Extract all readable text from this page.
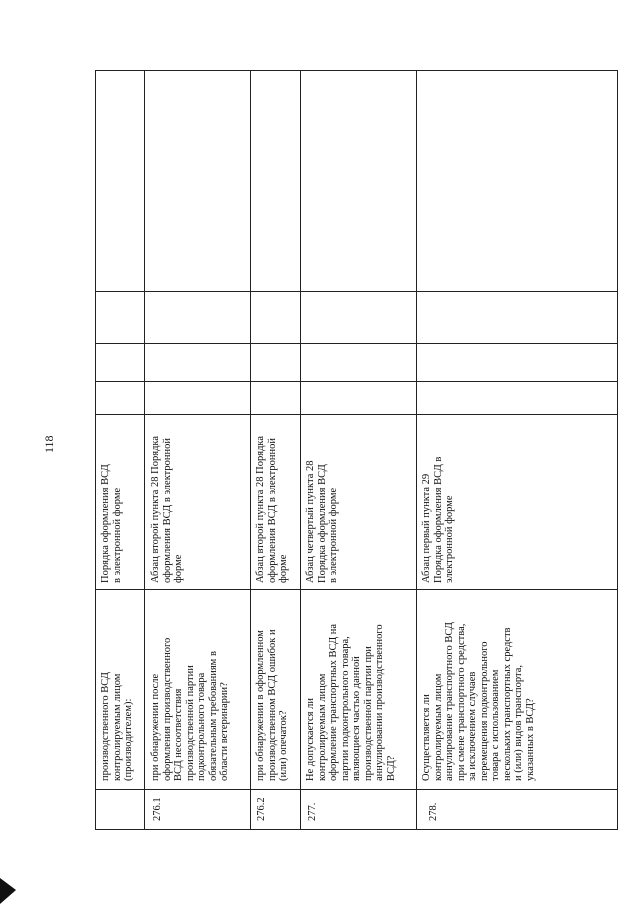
118
производственного ВСД контролируемым лицом (производителем):
Порядка оформления ВСД в электронной форме
276.1
при обнаружении после оформления производственного ВСД несоответствия производственной партии подконтрольного товара обязательным требованиям в области ветеринарии?
Абзац второй пункта 28 Порядка оформления ВСД в электронной форме
276.2
при обнаружении в оформленном производственном ВСД ошибок и (или) опечаток?
Абзац второй пункта 28 Порядка оформления ВСД в электронной форме
277.
Не допускается ли контролируемым лицом оформление транспортных ВСД на партии подконтрольного товара, являющиеся частью данной производственной партии при аннулировании производственного ВСД?
Абзац четвертый пункта 28 Порядка оформления ВСД в электронной форме
278.
Осуществляется ли контролируемым лицом аннулирование транспортного ВСД при смене транспортного средства, за исключением случаев перемещения подконтрольного товара с использованием нескольких транспортных средств и (или) видов транспорта, указанных в ВСД?
Абзац первый пункта 29 Порядка оформления ВСД в электронной форме
